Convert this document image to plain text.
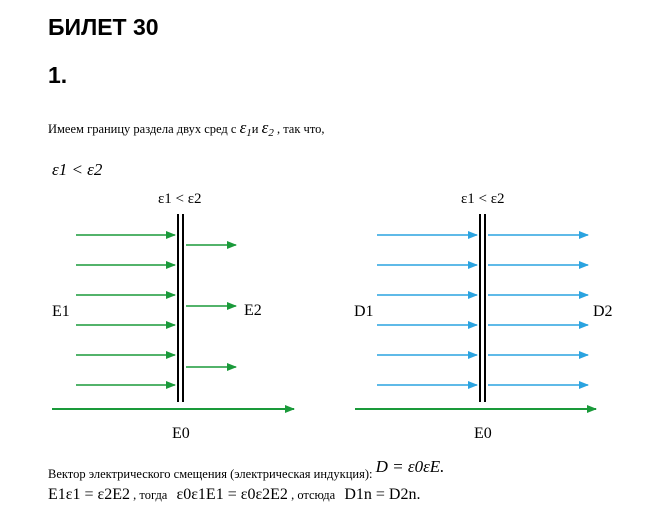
БИЛЕТ 30
1.
Имеем границу раздела двух сред с $\varepsilon_1и$ $\varepsilon_2$ , так что,
ε1 < ε2
ε1 < ε2
E1	E2
E0
ε1 < ε2
D1	D2
E0
Вектор электрического смещения (электрическая индукция): D = ε0εE.
E1ε1 = ε2E2 , тогда ε0ε1E1 = ε0ε2E2 , отсюда D1n = D2n.
